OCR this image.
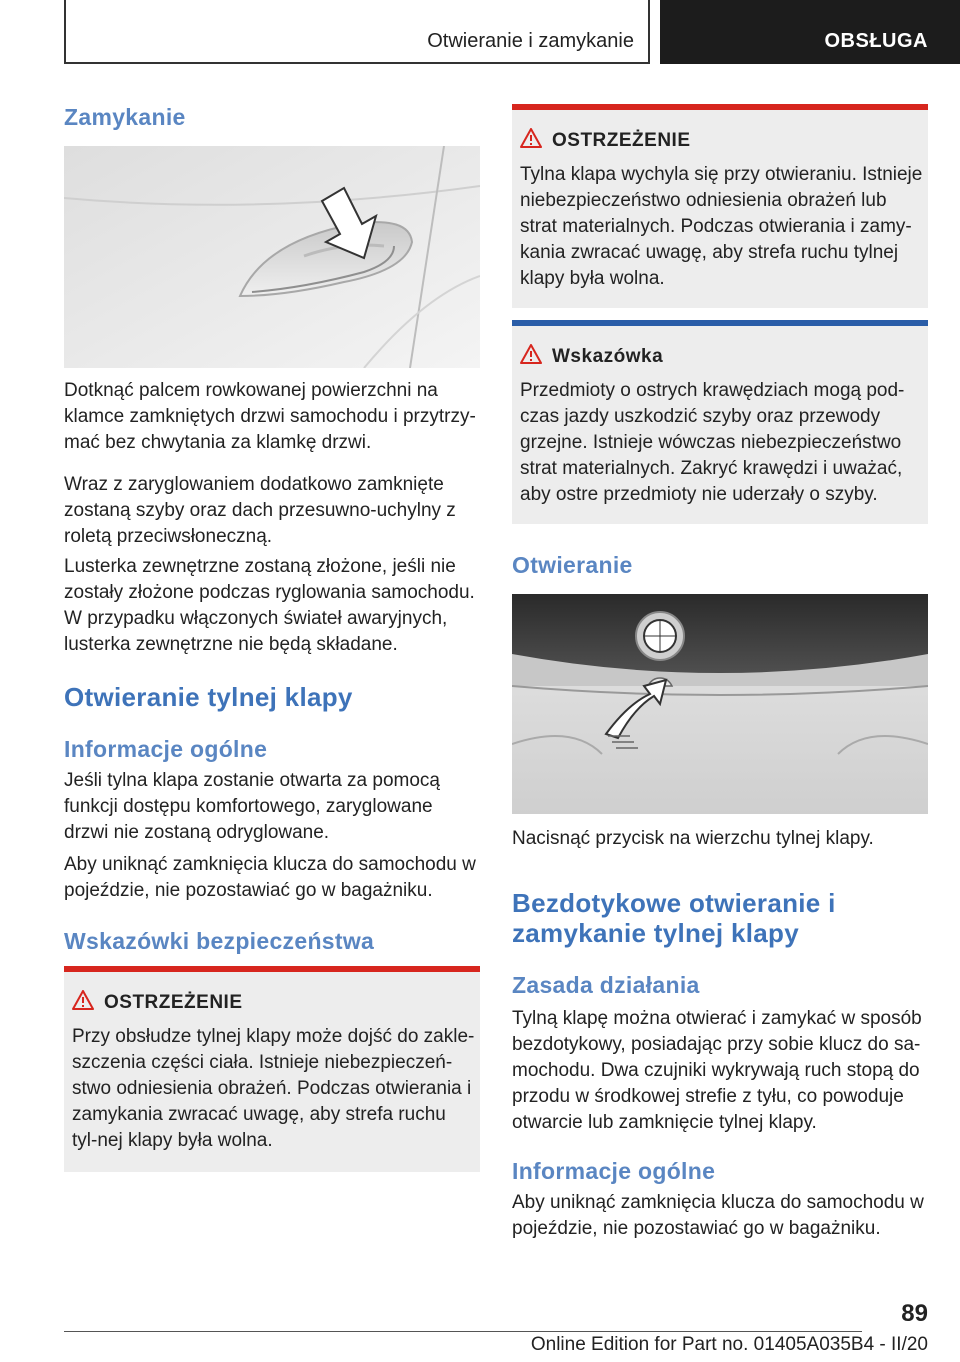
Otwieranie i zamykanie	OBSŁUGA
Zamykanie
Dotknąć palcem rowkowanej powierzchni na klamce zamkniętych drzwi samochodu i przytrzy-mać bez chwytania za klamkę drzwi.
Wraz z zaryglowaniem dodatkowo zamknięte zostaną szyby oraz dach przesuwno-uchylny z roletą przeciwsłoneczną.
Lusterka zewnętrzne zostaną złożone, jeśli nie zostały złożone podczas ryglowania samochodu. W przypadku włączonych świateł awaryjnych, lusterka zewnętrzne nie będą składane.
Otwieranie tylnej klapy
Informacje ogólne
Jeśli tylna klapa zostanie otwarta za pomocą funkcji dostępu komfortowego, zaryglowane drzwi nie zostaną odryglowane.
Aby uniknąć zamknięcia klucza do samochodu w pojeździe, nie pozostawiać go w bagażniku.
Wskazówki bezpieczeństwa
OSTRZEŻENIE
Przy obsłudze tylnej klapy może dojść do zakle-szczenia części ciała. Istnieje niebezpieczeń-stwo odniesienia obrażeń. Podczas otwierania i zamykania zwracać uwagę, aby strefa ruchu tyl-nej klapy była wolna.
OSTRZEŻENIE
Tylna klapa wychyla się przy otwieraniu. Istnieje niebezpieczeństwo odniesienia obrażeń lub strat materialnych. Podczas otwierania i zamy-kania zwracać uwagę, aby strefa ruchu tylnej klapy była wolna.
Wskazówka
Przedmioty o ostrych krawędziach mogą pod-czas jazdy uszkodzić szyby oraz przewody grzejne. Istnieje wówczas niebezpieczeństwo strat materialnych. Zakryć krawędzi i uważać, aby ostre przedmioty nie uderzały o szyby.
Otwieranie
Nacisnąć przycisk na wierzchu tylnej klapy.
Bezdotykowe otwieranie i zamykanie tylnej klapy
Zasada działania
Tylną klapę można otwierać i zamykać w sposób bezdotykowy, posiadając przy sobie klucz do sa-mochodu. Dwa czujniki wykrywają ruch stopą do przodu w środkowej strefie z tyłu, co powoduje otwarcie lub zamknięcie tylnej klapy.
Informacje ogólne
Aby uniknąć zamknięcia klucza do samochodu w pojeździe, nie pozostawiać go w bagażniku.
89
Online Edition for Part no. 01405A035B4 - II/20
